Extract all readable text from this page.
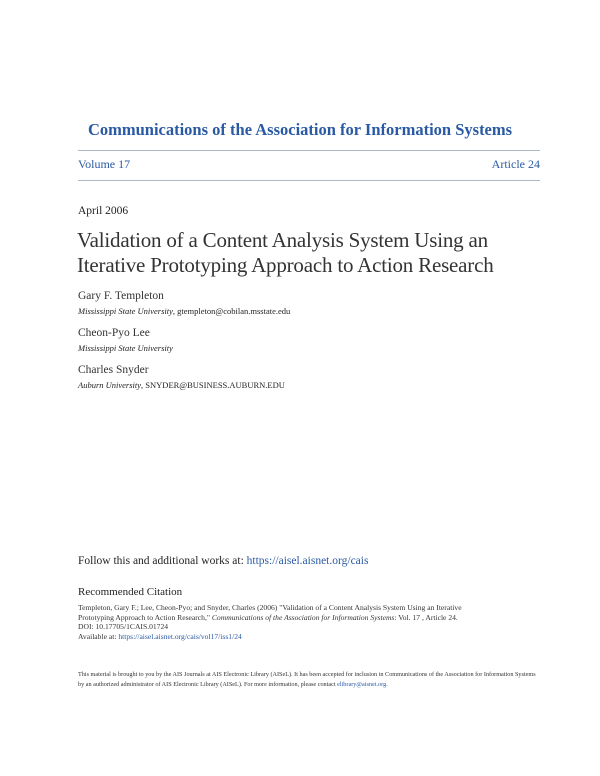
Communications of the Association for Information Systems
Volume 17	Article 24
April 2006
Validation of a Content Analysis System Using an
Iterative Prototyping Approach to Action Research
Gary F. Templeton
Mississippi State University, gtempleton@cobilan.msstate.edu
Cheon-Pyo Lee
Mississippi State University
Charles Snyder
Auburn University, SNYDER@BUSINESS.AUBURN.EDU
Follow this and additional works at: https://aisel.aisnet.org/cais
Recommended Citation
Templeton, Gary F.; Lee, Cheon-Pyo; and Snyder, Charles (2006) "Validation of a Content Analysis System Using an Iterative
Prototyping Approach to Action Research," Communications of the Association for Information Systems: Vol. 17 , Article 24.
DOI: 10.17705/1CAIS.01724
Available at: https://aisel.aisnet.org/cais/vol17/iss1/24
This material is brought to you by the AIS Journals at AIS Electronic Library (AISeL). It has been accepted for inclusion in Communications of the Association for Information Systems by an authorized administrator of AIS Electronic Library (AISeL). For more information, please contact elibrary@aisnet.org.
